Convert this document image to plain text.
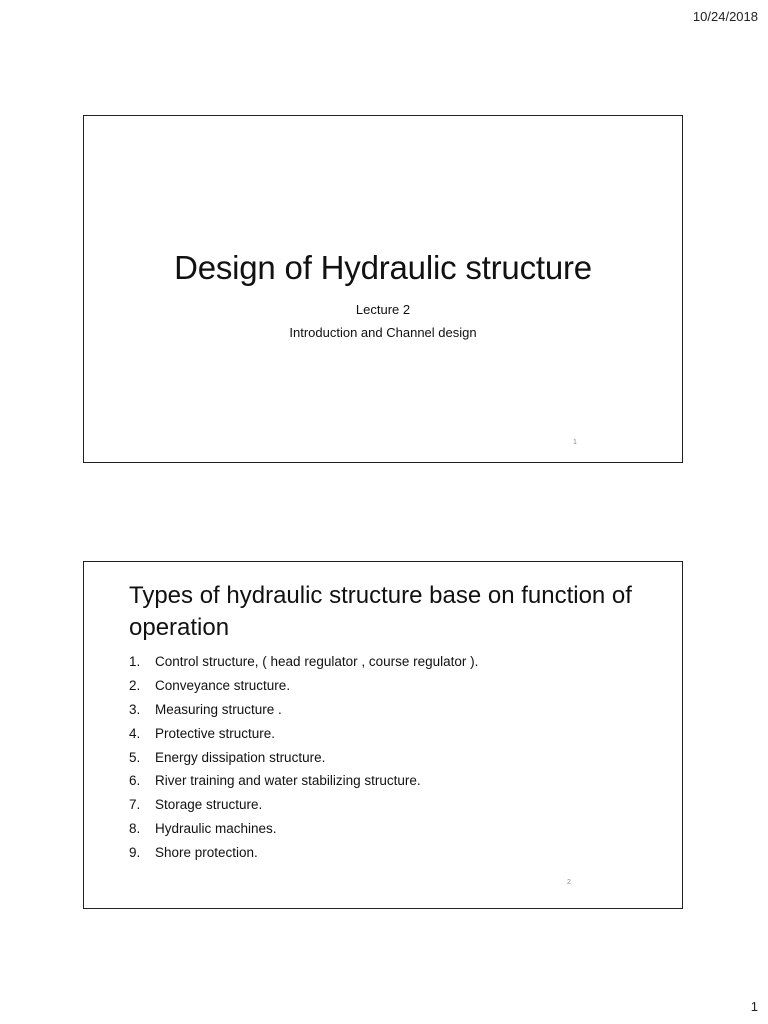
10/24/2018
Design of Hydraulic structure
Lecture 2
Introduction and Channel design
1
Types of hydraulic structure base on function of operation
1.	Control structure, ( head regulator , course regulator ).
2.	Conveyance structure.
3.	Measuring structure .
4.	Protective structure.
5.	Energy dissipation structure.
6.	River training and water stabilizing structure.
7.	Storage structure.
8.	Hydraulic machines.
9.	Shore protection.
2
1
